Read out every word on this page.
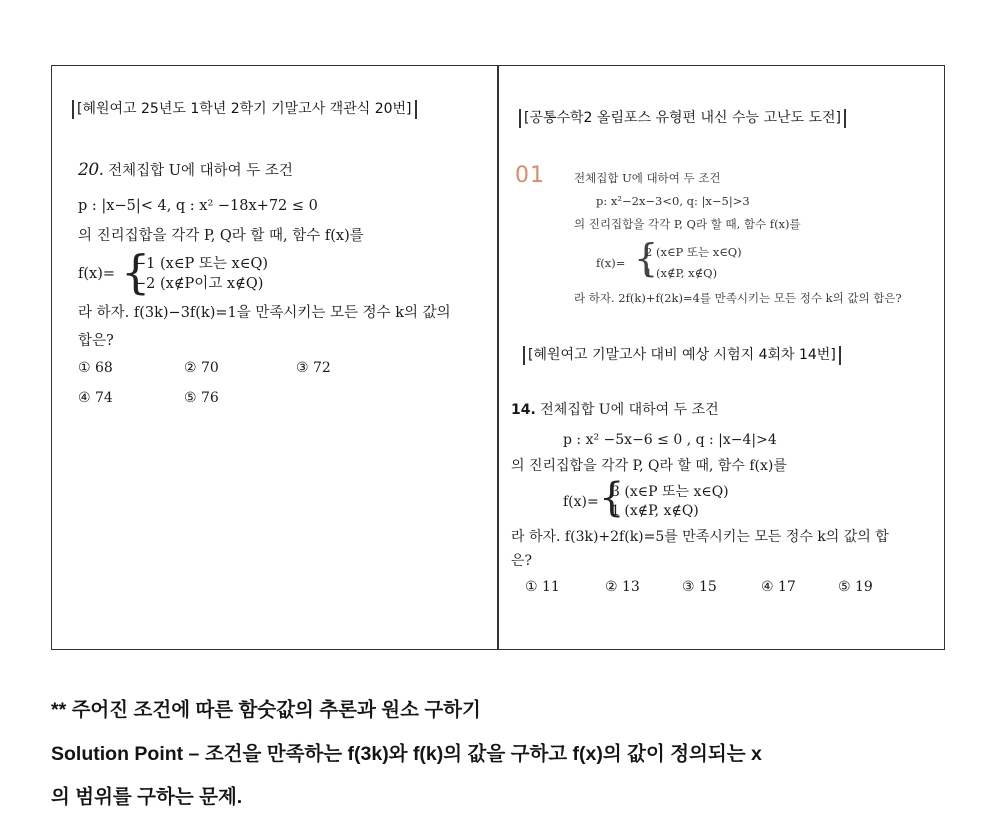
[혜원여고 25년도 1학년 2학기 기말고사 객관식 20번]
20. 전체집합 U에 대하여 두 조건
p : |x−5|< 4, q : x² −18x+72 ≤ 0
의 진리집합을 각각 P, Q라 할 때, 함수 f(x)를
f(x)= {
−1 (x∈P 또는 x∈Q)
−2 (x∉P이고 x∉Q)
라 하자. f(3k)−3f(k)=1을 만족시키는 모든 정수 k의 값의
합은?
① 68	② 70	③ 72
④ 74	⑤ 76
[공통수학2 올림포스 유형편 내신 수능 고난도 도전]
01	전체집합 U에 대하여 두 조건
p: x²−2x−3<0, q: |x−5|>3
의 진리집합을 각각 P, Q라 할 때, 함수 f(x)를
f(x)= {
2 (x∈P 또는 x∈Q)
1 (x∉P, x∉Q)
라 하자. 2f(k)+f(2k)=4를 만족시키는 모든 정수 k의 값의 합은?
[혜원여고 기말고사 대비 예상 시험지 4회차 14번]
14. 전체집합 U에 대하여 두 조건
p : x² −5x−6 ≤ 0 , q : |x−4|>4
의 진리집합을 각각 P, Q라 할 때, 함수 f(x)를
f(x)= {
3 (x∈P 또는 x∈Q)
1 (x∉P, x∉Q)
라 하자. f(3k)+2f(k)=5를 만족시키는 모든 정수 k의 값의 합
은?
① 11	② 13	③ 15	④ 17	⑤ 19
** 주어진 조건에 따른 함숫값의 추론과 원소 구하기
Solution Point – 조건을 만족하는 f(3k)와 f(k)의 값을 구하고 f(x)의 값이 정의되는 x
의 범위를 구하는 문제.
